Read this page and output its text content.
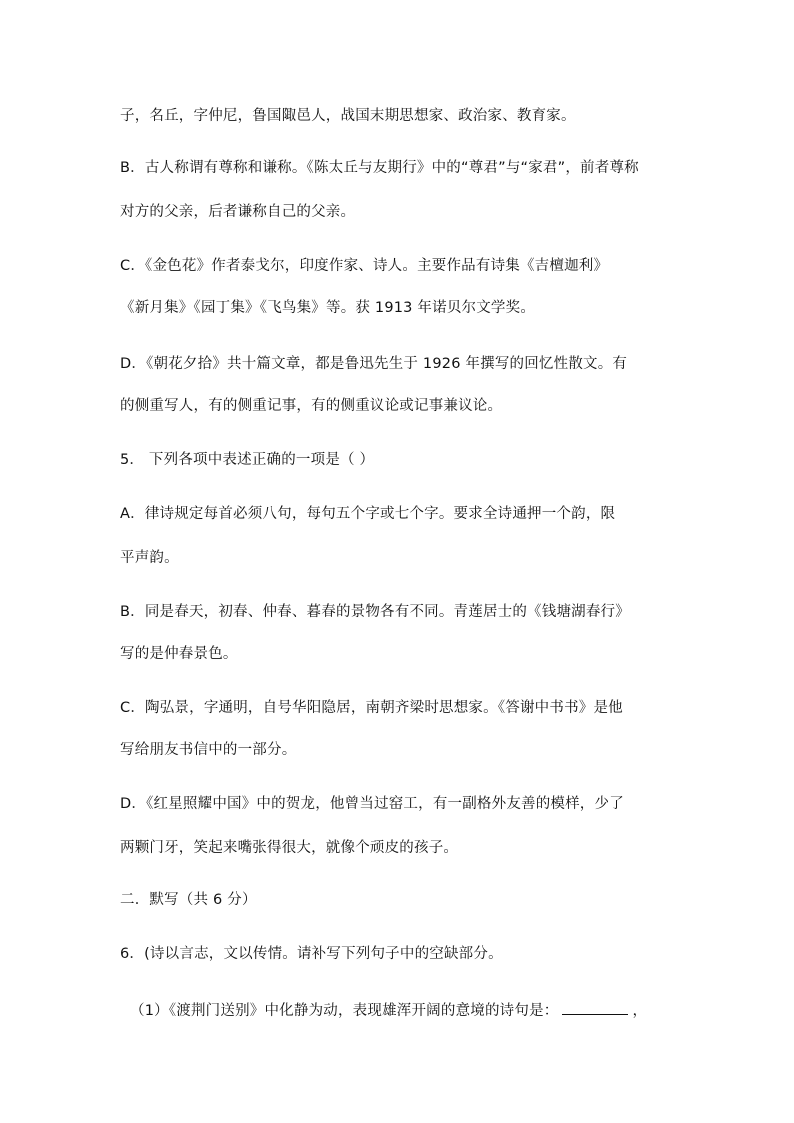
子，名丘，字仲尼，鲁国陬邑人，战国末期思想家、政治家、教育家。
B．古人称谓有尊称和谦称。《陈太丘与友期行》中的“尊君”与“家君”，前者尊称
对方的父亲，后者谦称自己的父亲。
C．《金色花》作者泰戈尔，印度作家、诗人。主要作品有诗集《吉檀迦利》
《新月集》《园丁集》《飞鸟集》等。获 1913 年诺贝尔文学奖。
D．《朝花夕拾》共十篇文章，都是鲁迅先生于 1926 年撰写的回忆性散文。有
的侧重写人，有的侧重记事，有的侧重议论或记事兼议论。
5． 下列各项中表述正确的一项是（ ）
A．律诗规定每首必须八句，每句五个字或七个字。要求全诗通押一个韵，限
平声韵。
B．同是春天，初春、仲春、暮春的景物各有不同。青莲居士的《钱塘湖春行》
写的是仲春景色。
C．陶弘景，字通明，自号华阳隐居，南朝齐梁时思想家。《答谢中书书》是他
写给朋友书信中的一部分。
D．《红星照耀中国》中的贺龙，他曾当过窑工，有一副格外友善的模样，少了
两颗门牙，笑起来嘴张得很大，就像个顽皮的孩子。
二．默写（共 6 分）
6．(诗以言志，文以传情。请补写下列句子中的空缺部分。
（1）《渡荆门送别》中化静为动，表现雄浑开阔的意境的诗句是：	，
